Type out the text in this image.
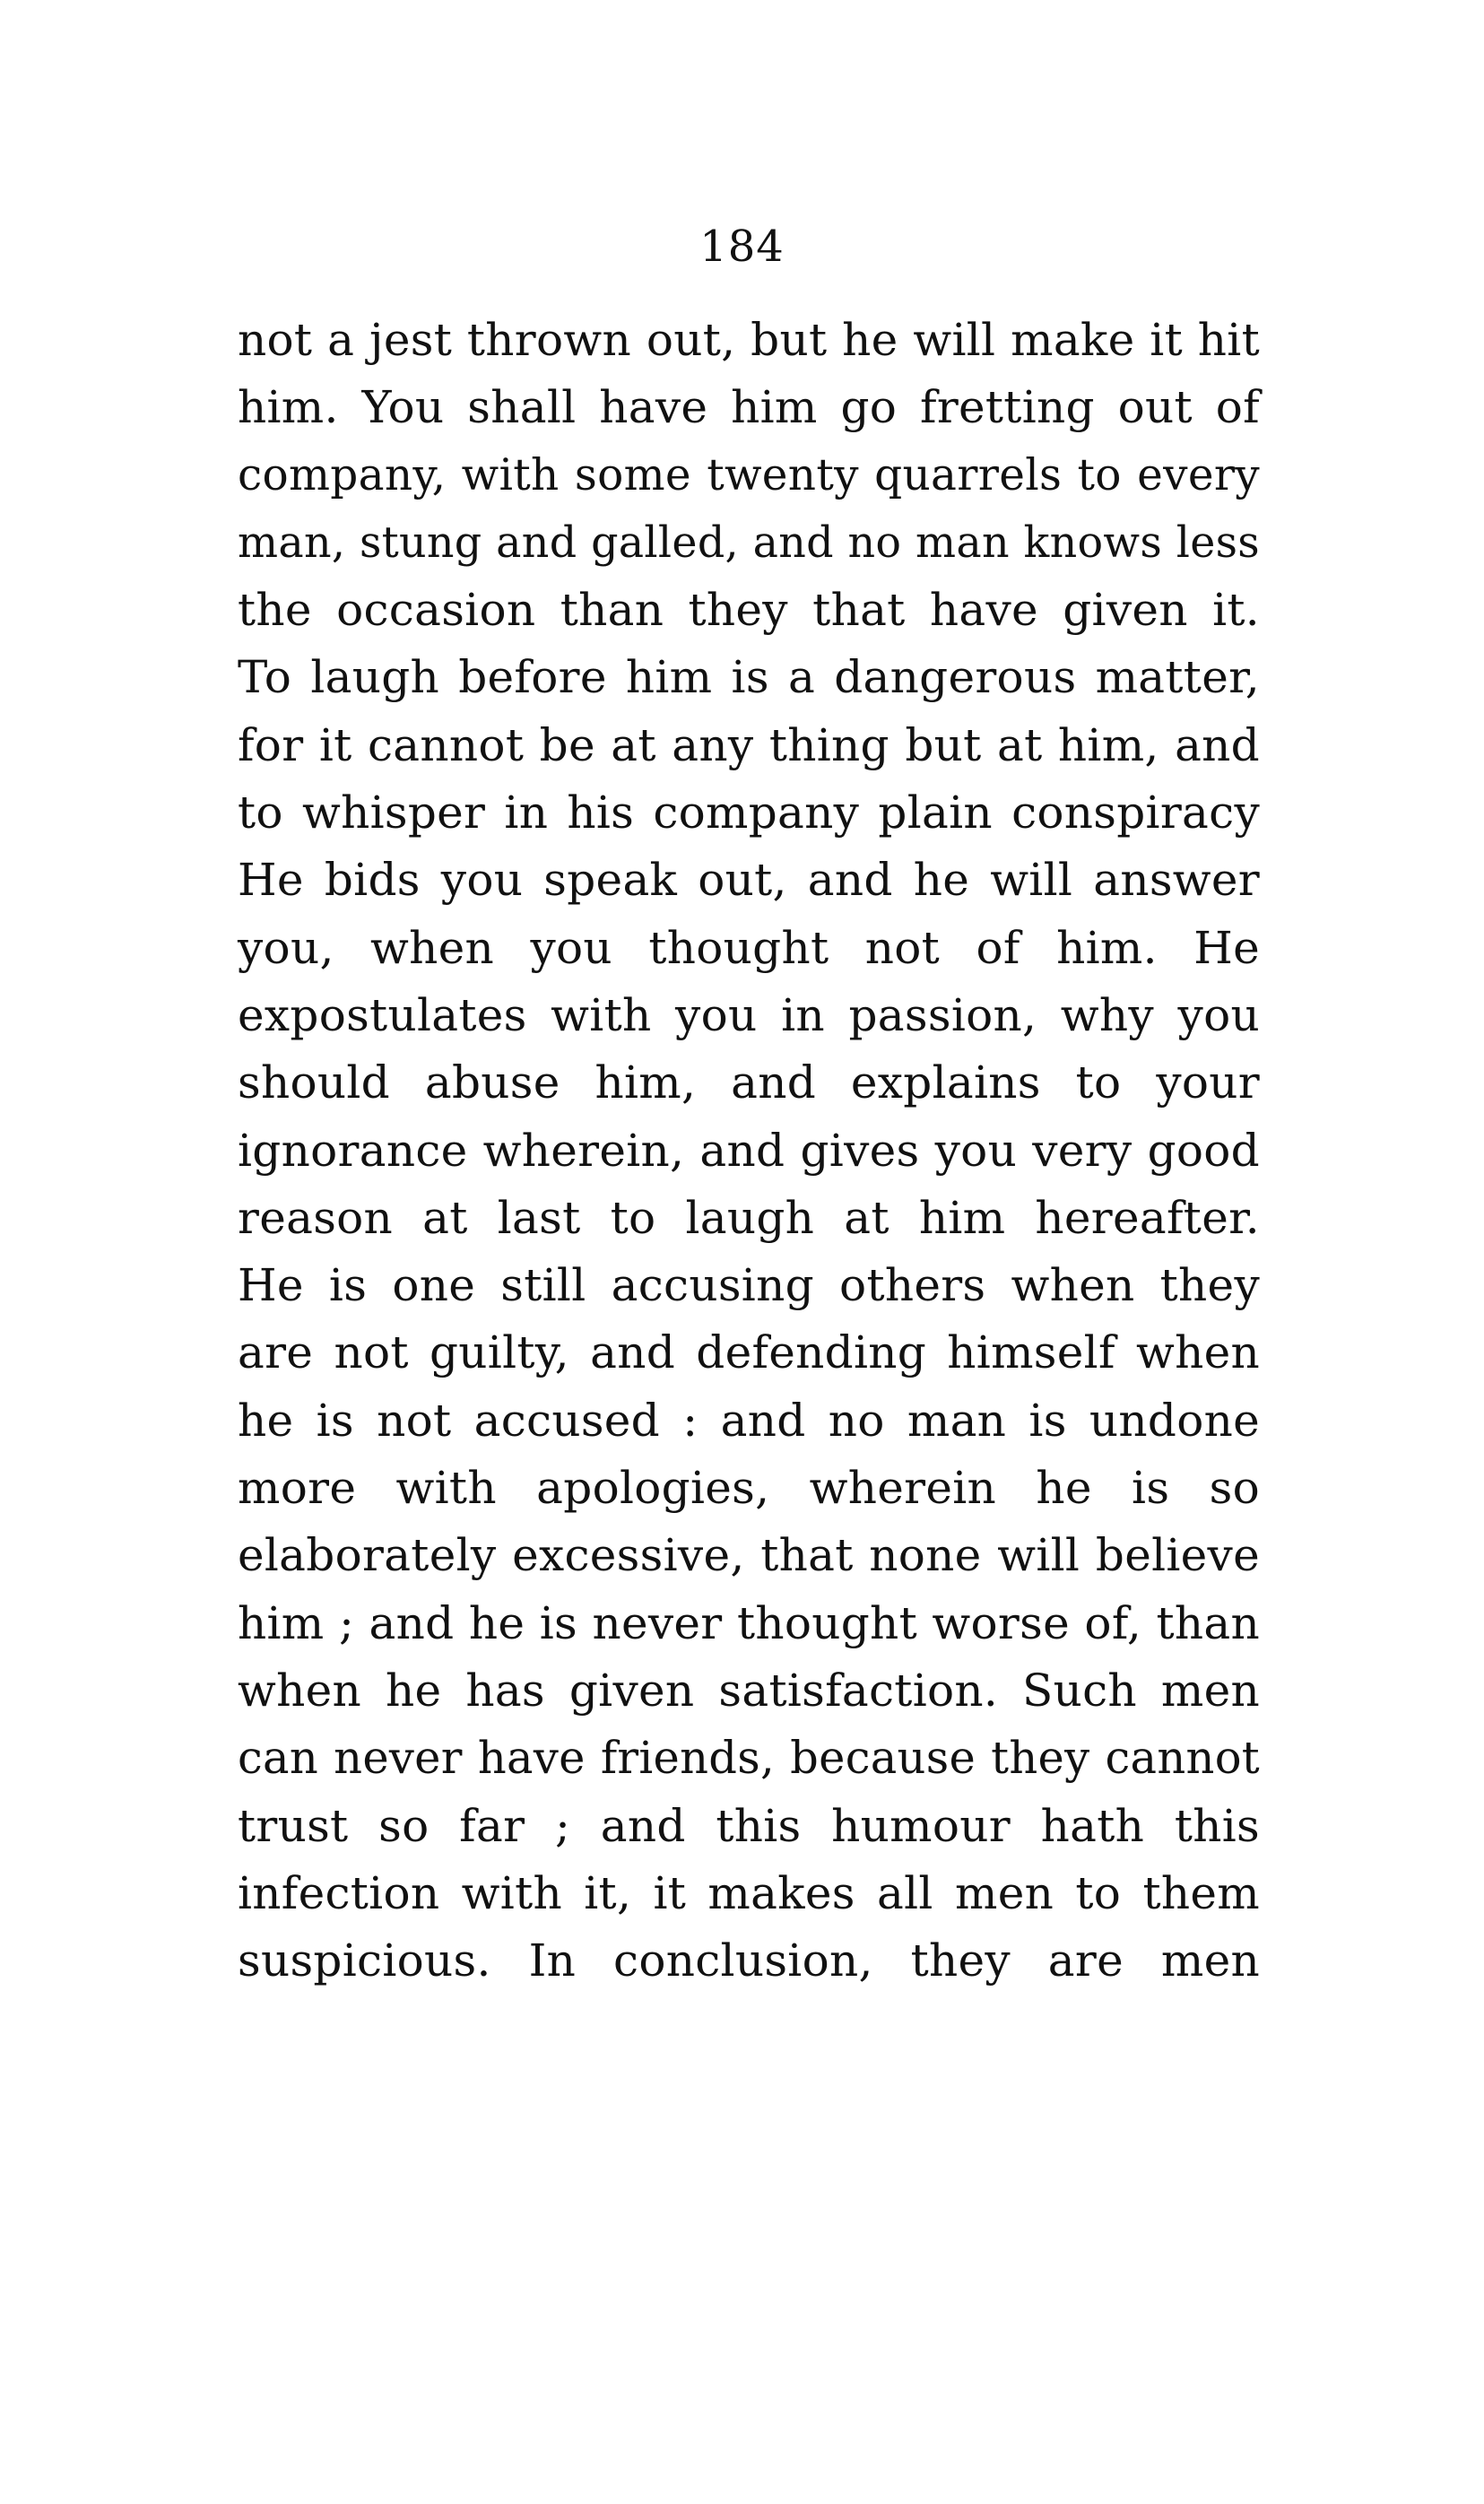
184
not a jest thrown out, but he will make it hit
him. You shall have him go fretting out of
company, with some twenty quarrels to every
man, stung and galled, and no man knows less
the occasion than they that have given it.
To laugh before him is a dangerous matter,
for it cannot be at any thing but at him, and
to whisper in his company plain conspiracy
He bids you speak out, and he will answer
you, when you thought not of him. He
expostulates with you in passion, why you
should abuse him, and explains to your
ignorance wherein, and gives you very good
reason at last to laugh at him hereafter.
He is one still accusing others when they
are not guilty, and defending himself when
he is not accused : and no man is undone
more with apologies, wherein he is so
elaborately excessive, that none will believe
him ; and he is never thought worse of, than
when he has given satisfaction. Such men
can never have friends, because they cannot
trust so far ; and this humour hath this
infection with it, it makes all men to them
suspicious. In conclusion, they are men
